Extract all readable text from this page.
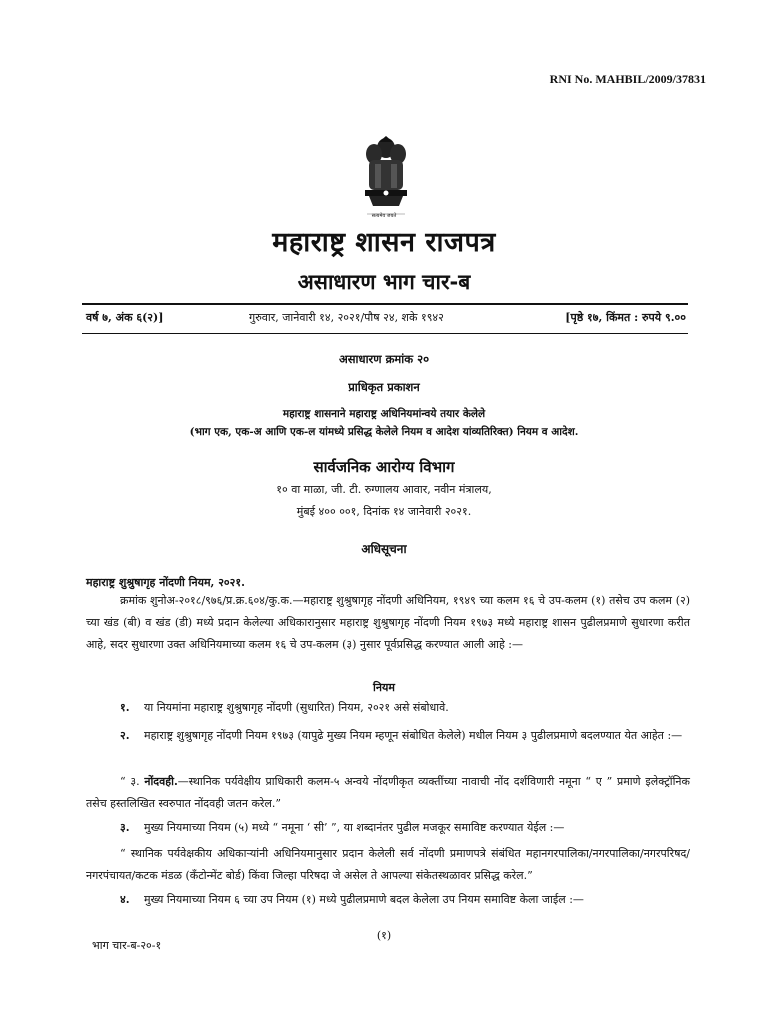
RNI No. MAHBIL/2009/37831
सत्यमेव जयते
महाराष्ट्र शासन राजपत्र
असाधारण भाग चार-ब
वर्ष ७, अंक ६(२)]	गुरुवार, जानेवारी १४, २०२१/पौष २४, शके १९४२	[पृष्ठे १७, किंमत : रुपये ९.००
असाधारण क्रमांक २०
प्राधिकृत प्रकाशन
महाराष्ट्र शासनाने महाराष्ट्र अधिनियमांन्वये तयार केलेले
(भाग एक, एक-अ आणि एक-ल यांमध्ये प्रसिद्ध केलेले नियम व आदेश यांव्यतिरिक्त) नियम व आदेश.
सार्वजनिक आरोग्य विभाग
१० वा माळा, जी. टी. रुग्णालय आवार, नवीन मंत्रालय,
मुंबई ४०० ००१, दिनांक १४ जानेवारी २०२१.
अधिसूचना
महाराष्ट्र शुश्रुषागृह नोंदणी नियम, २०२१.
क्रमांक शुनोअ-२०१८/९७६/प्र.क्र.६०४/कु.क.—महाराष्ट्र शुश्रुषागृह नोंदणी अधिनियम, १९४९ च्या कलम १६ चे उप-कलम (१) तसेच उप कलम (२) च्या खंड (बी) व खंड (डी) मध्ये प्रदान केलेल्या अधिकारानुसार महाराष्ट्र शुश्रुषागृह नोंदणी नियम १९७३ मध्ये महाराष्ट्र शासन पुढीलप्रमाणे सुधारणा करीत आहे, सदर सुधारणा उक्त अधिनियमाच्या कलम १६ चे उप-कलम (३) नुसार पूर्वप्रसिद्ध करण्यात आली आहे :—
नियम
१. या नियमांना महाराष्ट्र शुश्रुषागृह नोंदणी (सुधारित) नियम, २०२१ असे संबोधावे.
२. महाराष्ट्र शुश्रुषागृह नोंदणी नियम १९७३ (यापुढे मुख्य नियम म्हणून संबोधित केलेले) मधील नियम ३ पुढीलप्रमाणे बदलण्यात येत आहेत :—
“ ३. नोंदवही.—स्थानिक पर्यवेक्षीय प्राधिकारी कलम-५ अन्वये नोंदणीकृत व्यक्तींच्या नावाची नोंद दर्शविणारी नमूना “ ए ” प्रमाणे इलेक्ट्रॉनिक तसेच हस्तलिखित स्वरुपात नोंदवही जतन करेल.”
३. मुख्य नियमाच्या नियम (५) मध्ये “ नमूना ‘ सी’ ”, या शब्दानंतर पुढील मजकूर समाविष्ट करण्यात येईल :—
“ स्थानिक पर्यवेक्षकीय अधिकाऱ्यांनी अधिनियमानुसार प्रदान केलेली सर्व नोंदणी प्रमाणपत्रे संबंधित महानगरपालिका/नगरपालिका/नगरपरिषद/नगरपंचायत/कटक मंडळ (कॅंटोन्मेंट बोर्ड) किंवा जिल्हा परिषदा जे असेल ते आपल्या संकेतस्थळावर प्रसिद्ध करेल.”
४. मुख्य नियमाच्या नियम ६ च्या उप नियम (१) मध्ये पुढीलप्रमाणे बदल केलेला उप नियम समाविष्ट केला जाईल :—
(१)
भाग चार-ब-२०-१
